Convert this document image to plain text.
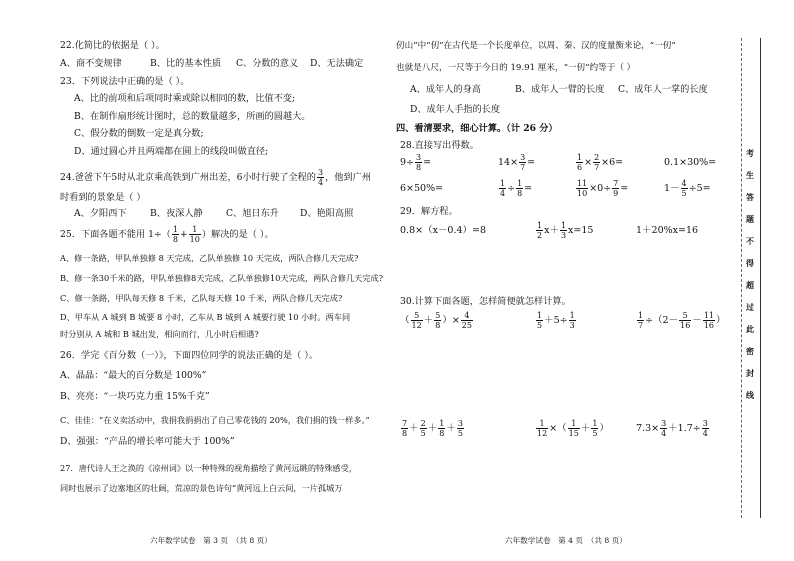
22.化简比的依据是（ ）。
A、商不变规律	B、比的基本性质 C、分数的意义 D、无法确定
23．下列说法中正确的是（ ）。
A、比的前项和后项同时乘或除以相同的数，比值不变;
B、在制作扇形统计图时，总的数量越多，所画的圆越大。
C、假分数的倒数一定是真分数;
D、通过圆心并且两端都在圆上的线段叫做直径;
24.爸爸下午5时从北京乘高铁到广州出差，6小时行驶了全程的 $\frac{3}{4}$ ，他到广州
时看到的景象是（ ）
A、夕阳西下	B、夜深人静	C、旭日东升 D、艳阳高照
25．下面各题不能用 $1\div( \frac{1}{8} + \frac{1}{10}$ ）解决的是（ ）。
A、修一条路，甲队单独修 8 天完成，乙队单独修 10 天完成，两队合修几天完成?
B、修一条30千米的路，甲队单独修8天完成，乙队单独修10天完成，两队合修几天完成?
C、修一条路，甲队每天修 8 千米，乙队每天修 10 千米，两队合修几天完成?
D、甲车从 A 城到 B 城要 8 小时，乙车从 B 城到 A 城要行驶 10 小时。两车同
时分别从 A 城和 B 城出发，相向而行，几小时后相遇?
26．学完《百分数（一）》，下面四位同学的说法正确的是（ ）。
A、晶晶：“最大的百分数是 100%”
B、亮亮：“一块巧克力重 15%千克”
C、佳佳：“在义卖活动中，我捐我捐捐出了自己零花钱的 20%，我们捐的钱一样多。”
D、强强：“产品的增长率可能大于 100%”
27．唐代诗人王之涣的《凉州词》以一种特殊的视角描绘了黄河远眺的特殊感受，
同时也展示了边塞地区的壮阔，荒凉的景色诗句“黄河远上白云间，一片孤城万
六年数学试卷　第 3 页　（共 8 页）
仞山”中“仞”在古代是一个长度单位，以周、秦、汉的度量衡来论，“一仞”
也就是八尺，一尺等于今日的 19.91 厘米，“一仞”约等于（ ）
A、成年人的身高	B、成年人一臂的长度 C、成年人一掌的长度
D、成年人手指的长度
四、看清要求，细心计算。（计 26 分）
28.直接写出得数。
$9\div \frac{3}{8}$ =	$14\times \frac{3}{7}$ =	$\frac{1}{6} \times \frac{2}{7} \times 6=$	0.1×30%=
6×50%=	$\frac{1}{4} \div \frac{1}{8}$ =	$\frac{11}{10} \times 0\div \frac{7}{9}$ =	$1- \frac{4}{5} \div 5=$
29．解方程。
0.8×（x－0.4）=8	$\frac{1}{2} x+ \frac{1}{3} x=15$	1＋20%x=16
30.计算下面各题，怎样简便就怎样计算。
（ $\frac{5}{12} + \frac{5}{8}$ ）× $\frac{4}{25}$	$\frac{1}{5} +5\div \frac{1}{3}$	$\frac{1}{7} \div(2- \frac{5}{16} - \frac{11}{16}$ ）
$\frac{7}{8} + \frac{2}{5} + \frac{1}{8} + \frac{3}{5}$	$\frac{1}{12}$ ×（ $\frac{1}{15} + \frac{1}{5}$ ）	$7.3\times \frac{3}{4} +1.7\div \frac{3}{4}$
六年数学试卷　第 4 页　（共 8 页）
考
生
答
题
不
得
超
过
此
密
封
线
